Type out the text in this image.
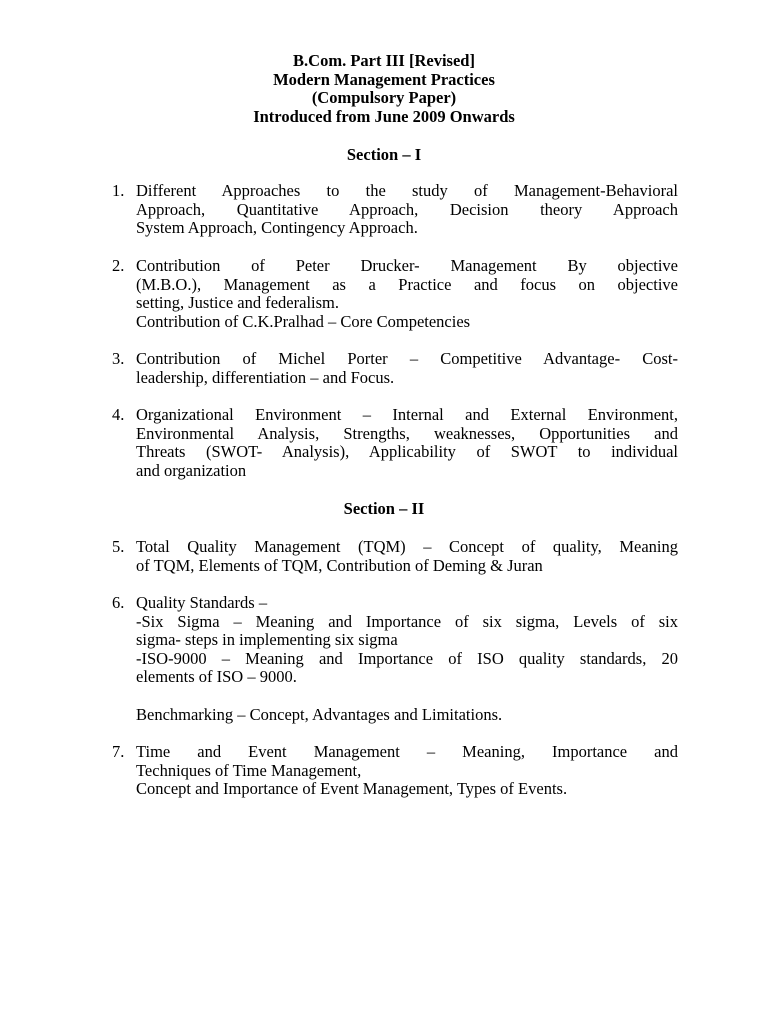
B.Com. Part III [Revised]
Modern Management Practices
(Compulsory Paper)
Introduced from June 2009 Onwards
Section – I
1. Different Approaches to the study of Management-Behavioral
Approach, Quantitative Approach, Decision theory Approach
System Approach, Contingency Approach.
2. Contribution of Peter Drucker- Management By objective
(M.B.O.), Management as a Practice and focus on objective
setting, Justice and federalism.
Contribution of C.K.Pralhad – Core Competencies
3. Contribution of Michel Porter – Competitive Advantage- Cost-
leadership, differentiation – and Focus.
4. Organizational Environment – Internal and External Environment,
Environmental Analysis, Strengths, weaknesses, Opportunities and
Threats (SWOT- Analysis), Applicability of SWOT to individual
and organization
Section – II
5. Total Quality Management (TQM) – Concept of quality, Meaning
of TQM, Elements of TQM, Contribution of Deming & Juran
6. Quality Standards –
-Six Sigma – Meaning and Importance of six sigma, Levels of six
sigma- steps in implementing six sigma
-ISO-9000 – Meaning and Importance of ISO quality standards, 20
elements of ISO – 9000.
Benchmarking – Concept, Advantages and Limitations.
7. Time and Event Management – Meaning, Importance and
Techniques of Time Management,
Concept and Importance of Event Management, Types of Events.
